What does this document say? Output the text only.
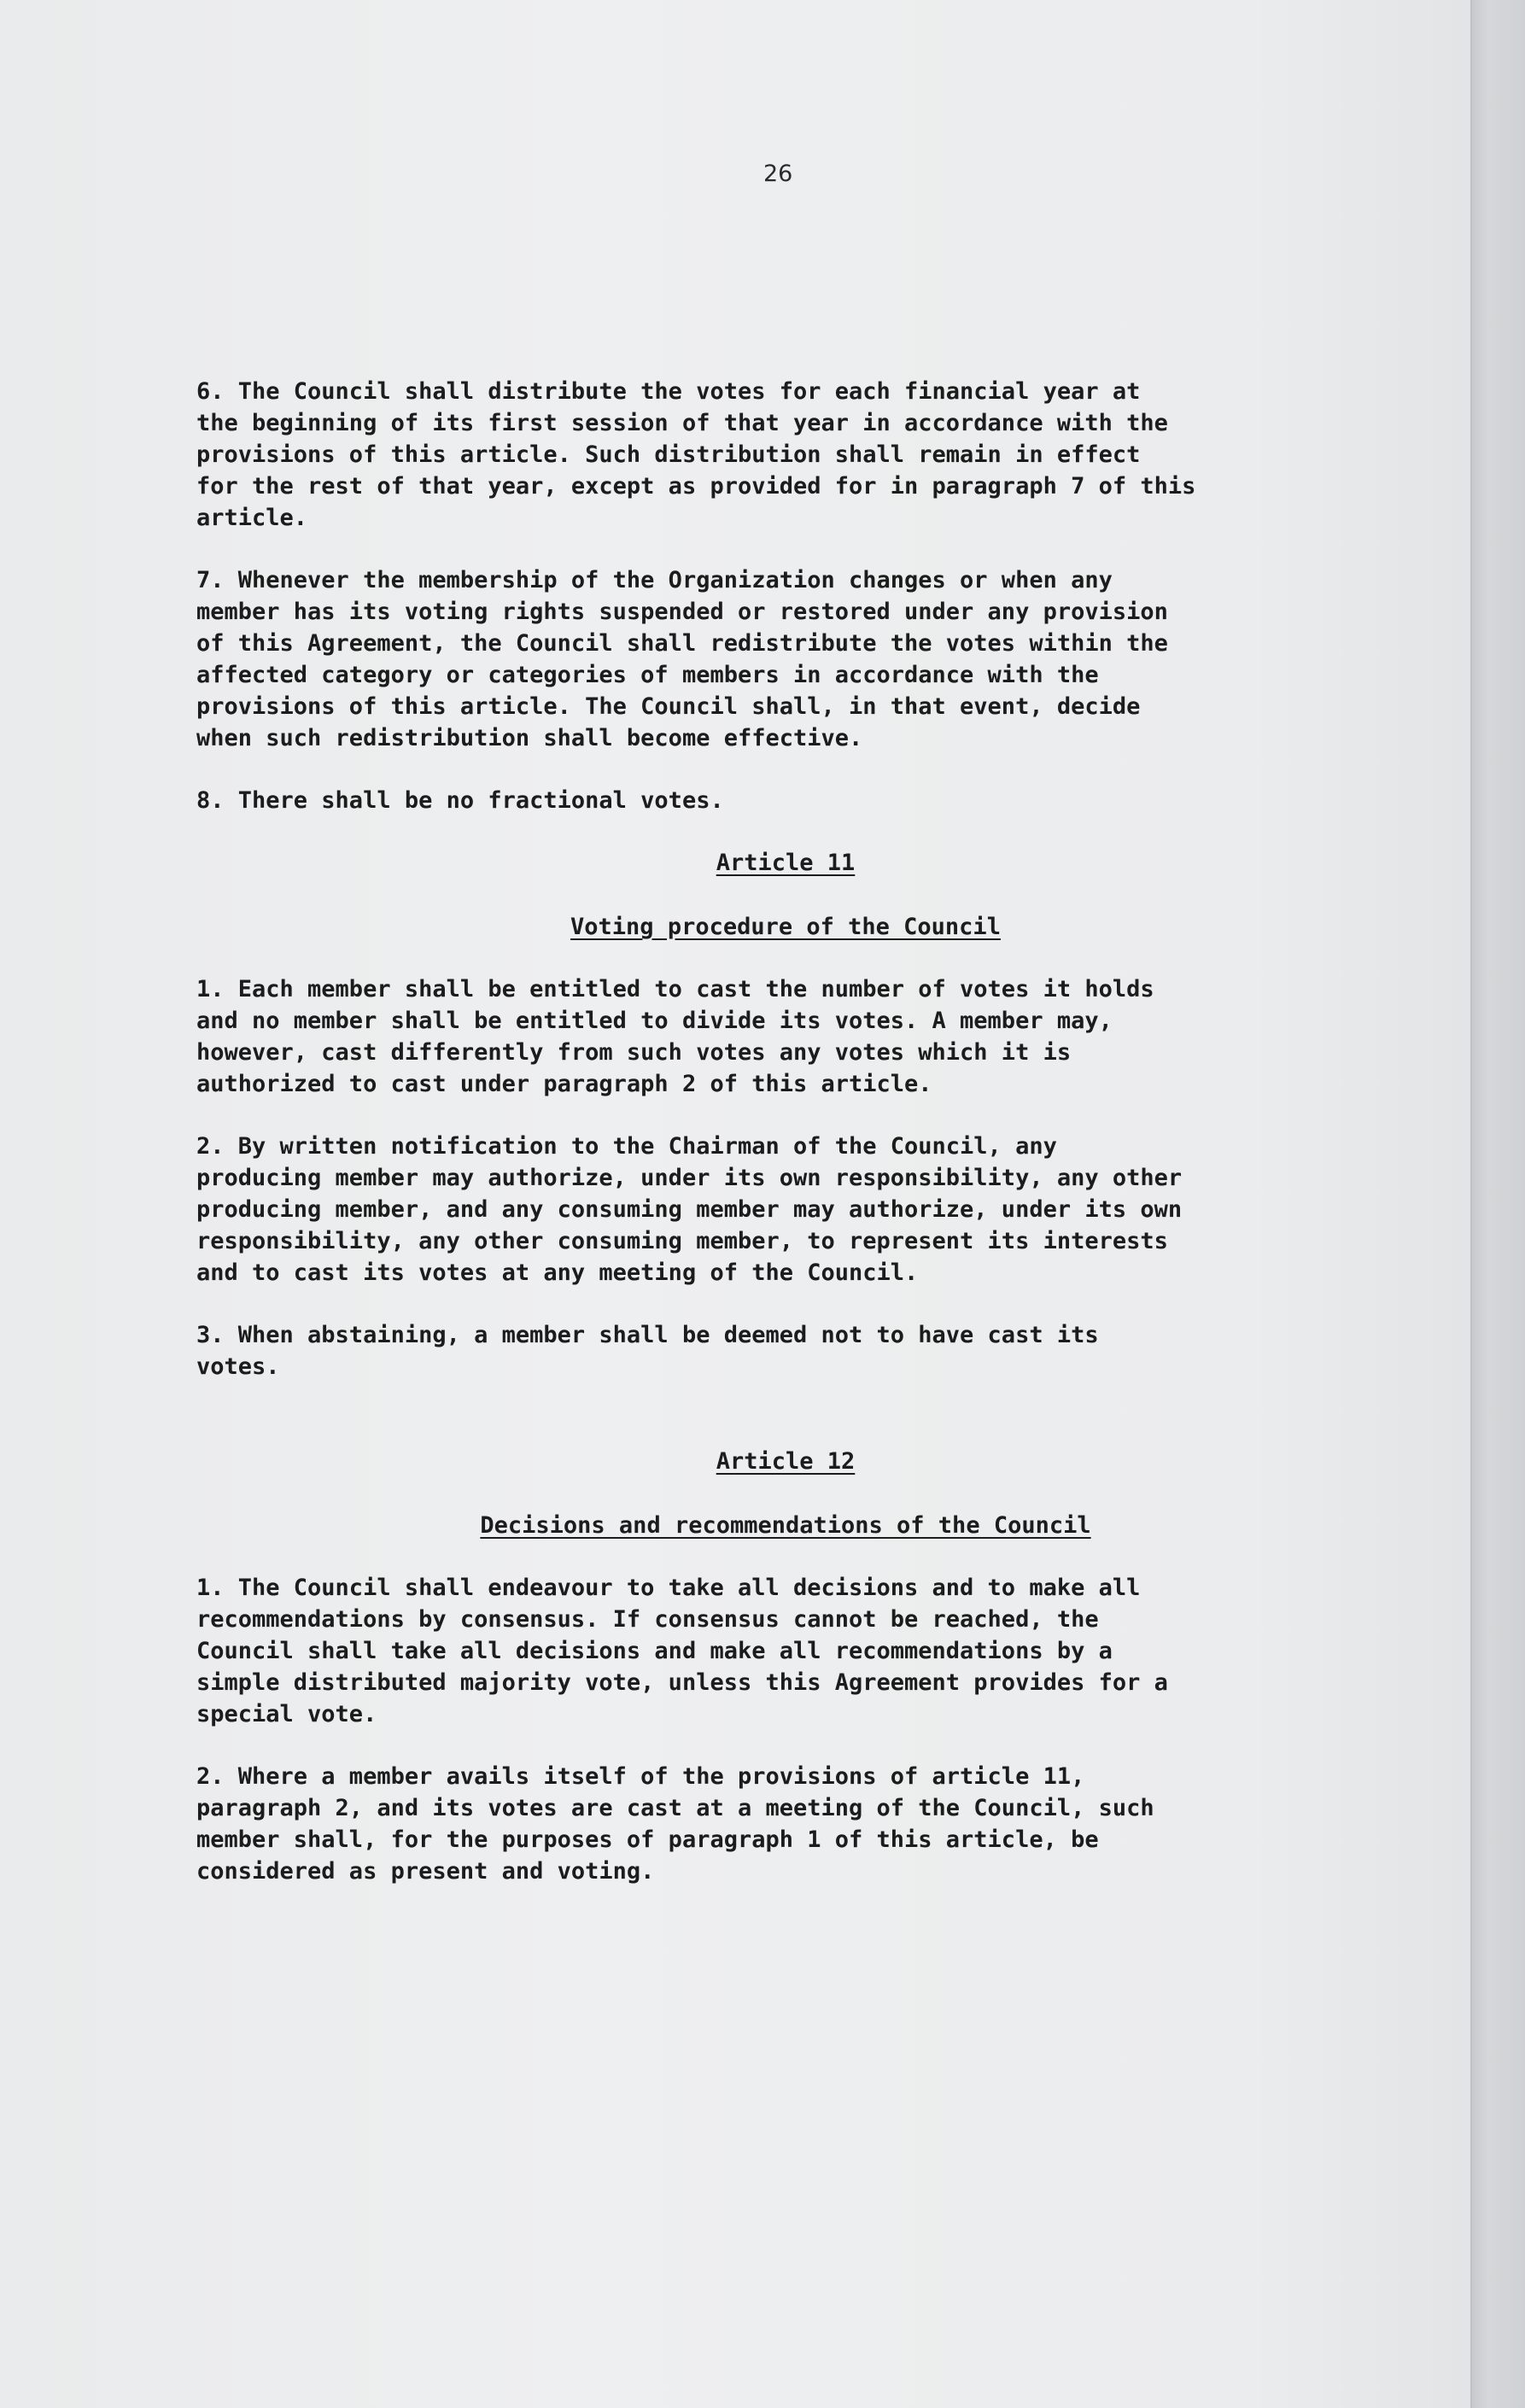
26

6. The Council shall distribute the votes for each financial year at
the beginning of its first session of that year in accordance with the
provisions of this article. Such distribution shall remain in effect
for the rest of that year, except as provided for in paragraph 7 of this
article.

7. Whenever the membership of the Organization changes or when any
member has its voting rights suspended or restored under any provision
of this Agreement, the Council shall redistribute the votes within the
affected category or categories of members in accordance with the
provisions of this article. The Council shall, in that event, decide
when such redistribution shall become effective.

8. There shall be no fractional votes.

Article 11

Voting procedure of the Council

1. Each member shall be entitled to cast the number of votes it holds
and no member shall be entitled to divide its votes. A member may,
however, cast differently from such votes any votes which it is
authorized to cast under paragraph 2 of this article.

2. By written notification to the Chairman of the Council, any
producing member may authorize, under its own responsibility, any other
producing member, and any consuming member may authorize, under its own
responsibility, any other consuming member, to represent its interests
and to cast its votes at any meeting of the Council.

3. When abstaining, a member shall be deemed not to have cast its
votes.

Article 12

Decisions and recommendations of the Council

1. The Council shall endeavour to take all decisions and to make all
recommendations by consensus. If consensus cannot be reached, the
Council shall take all decisions and make all recommendations by a
simple distributed majority vote, unless this Agreement provides for a
special vote.

2. Where a member avails itself of the provisions of article 11,
paragraph 2, and its votes are cast at a meeting of the Council, such
member shall, for the purposes of paragraph 1 of this article, be
considered as present and voting.
